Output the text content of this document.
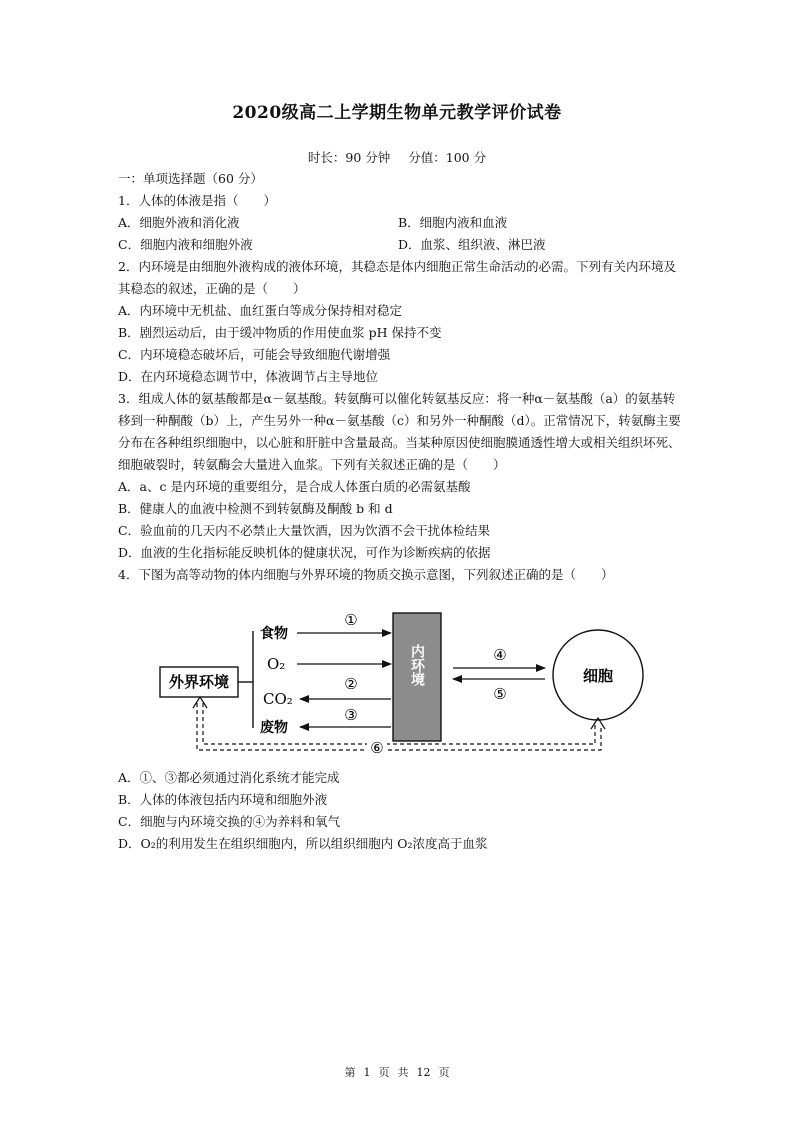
2020级高二上学期生物单元教学评价试卷
时长：90 分钟 分值：100 分
一：单项选择题（60 分）
1．人体的体液是指（　　）
A．细胞外液和消化液	B．细胞内液和血液
C．细胞内液和细胞外液	D．血浆、组织液、淋巴液
2．内环境是由细胞外液构成的液体环境，其稳态是体内细胞正常生命活动的必需。下列有关内环境及其稳态的叙述，正确的是（　　）
A．内环境中无机盐、血红蛋白等成分保持相对稳定
B．剧烈运动后，由于缓冲物质的作用使血浆 pH 保持不变
C．内环境稳态破坏后，可能会导致细胞代谢增强
D．在内环境稳态调节中，体液调节占主导地位
3．组成人体的氨基酸都是α－氨基酸。转氨酶可以催化转氨基反应：将一种α－氨基酸（a）的氨基转移到一种酮酸（b）上，产生另外一种α－氨基酸（c）和另外一种酮酸（d）。正常情况下，转氨酶主要分布在各种组织细胞中，以心脏和肝脏中含量最高。当某种原因使细胞膜通透性增大或相关组织坏死、细胞破裂时，转氨酶会大量进入血浆。下列有关叙述正确的是（　　）
A．a、c 是内环境的重要组分，是合成人体蛋白质的必需氨基酸
B．健康人的血液中检测不到转氨酶及酮酸 b 和 d
C．验血前的几天内不必禁止大量饮酒，因为饮酒不会干扰体检结果
D．血液的生化指标能反映机体的健康状况，可作为诊断疾病的依据
4．下图为高等动物的体内细胞与外界环境的物质交换示意图，下列叙述正确的是（　　）
外界环境
食物
O₂
CO₂
废物
①
②
③
内环境	④
⑤
细胞
⑥
A．①、③都必须通过消化系统才能完成
B．人体的体液包括内环境和细胞外液
C．细胞与内环境交换的④为养料和氧气
D．O₂的利用发生在组织细胞内，所以组织细胞内 O₂浓度高于血浆
第 1 页 共 12 页
